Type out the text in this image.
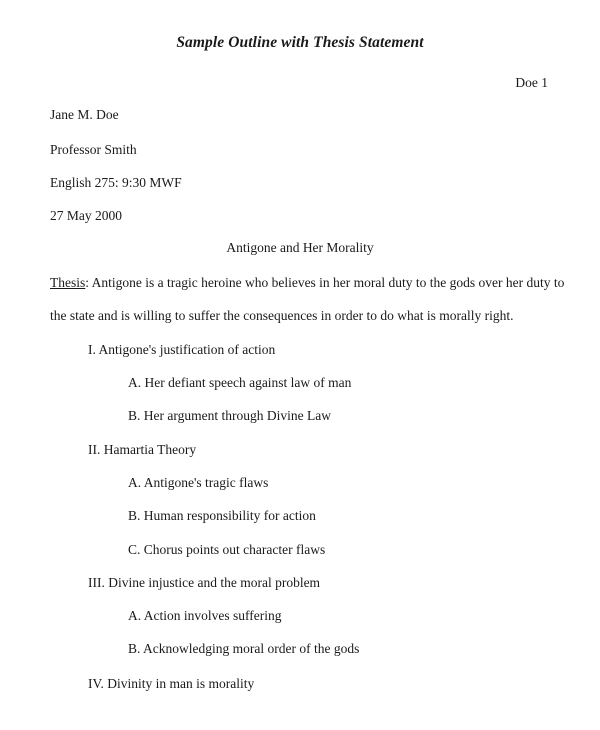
Sample Outline with Thesis Statement
Doe 1
Jane M. Doe
Professor Smith
English 275: 9:30 MWF
27 May 2000
Antigone and Her Morality
Thesis: Antigone is a tragic heroine who believes in her moral duty to the gods over her duty to
the state and is willing to suffer the consequences in order to do what is morally right.
I. Antigone's justification of action
A. Her defiant speech against law of man
B. Her argument through Divine Law
II. Hamartia Theory
A. Antigone's tragic flaws
B. Human responsibility for action
C. Chorus points out character flaws
III. Divine injustice and the moral problem
A. Action involves suffering
B. Acknowledging moral order of the gods
IV. Divinity in man is morality
